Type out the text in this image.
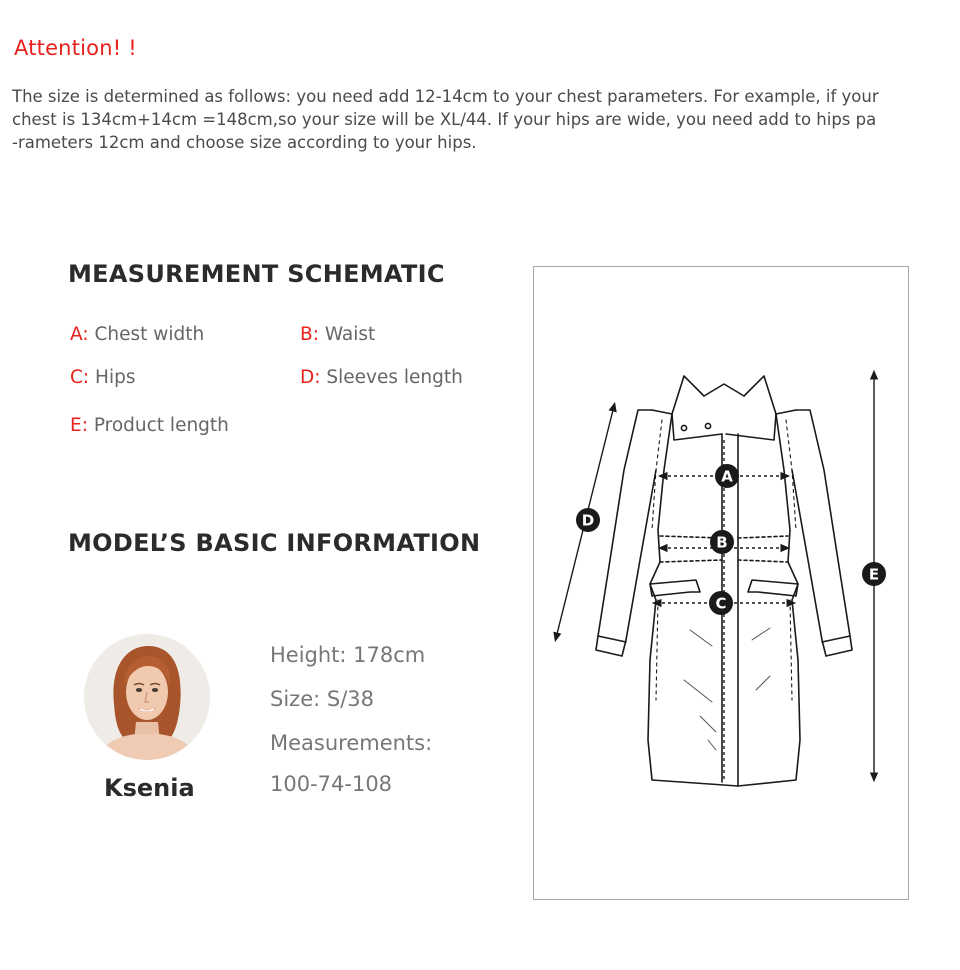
Attention! !
The size is determined as follows: you need add 12-14cm to your chest parameters. For example, if your
chest is 134cm+14cm =148cm,so your size will be XL/44. If your hips are wide, you need add to hips pa
-rameters 12cm and choose size according to your hips.
MEASUREMENT SCHEMATIC
A: Chest width	B: Waist
C: Hips	D: Sleeves length
E: Product length
MODEL’S BASIC INFORMATION
Ksenia
Height: 178cm
Size: S/38
Measurements:
100-74-108
A
B
C
D
E
